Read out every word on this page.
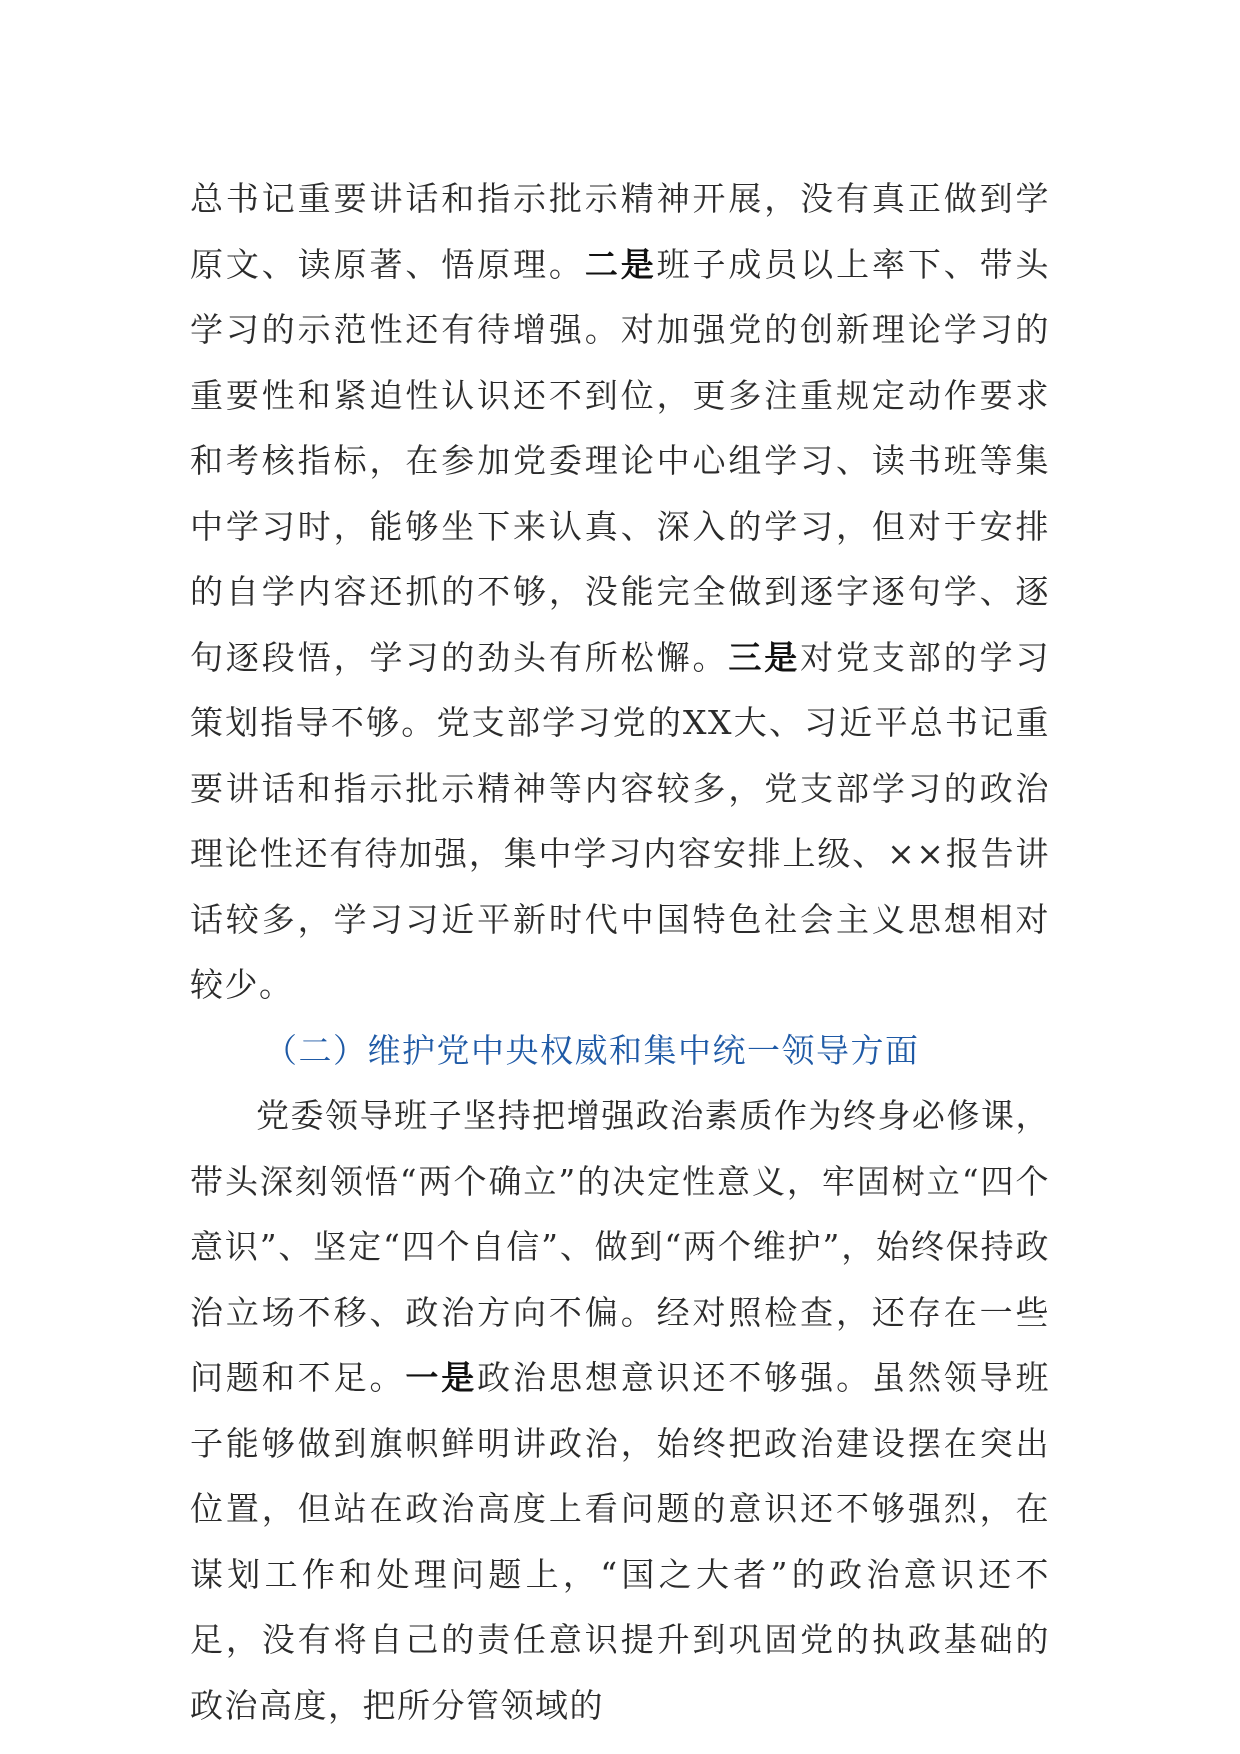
总书记重要讲话和指示批示精神开展，没有真正做到学原文、读原著、悟原理。二是班子成员以上率下、带头学习的示范性还有待增强。对加强党的创新理论学习的重要性和紧迫性认识还不到位，更多注重规定动作要求和考核指标，在参加党委理论中心组学习、读书班等集中学习时，能够坐下来认真、深入的学习，但对于安排的自学内容还抓的不够，没能完全做到逐字逐句学、逐句逐段悟，学习的劲头有所松懈。三是对党支部的学习策划指导不够。党支部学习党的XX大、习近平总书记重要讲话和指示批示精神等内容较多，党支部学习的政治理论性还有待加强，集中学习内容安排上级、××报告讲话较多，学习习近平新时代中国特色社会主义思想相对较少。

（二）维护党中央权威和集中统一领导方面

党委领导班子坚持把增强政治素质作为终身必修课，带头深刻领悟“两个确立”的决定性意义，牢固树立“四个意识”、坚定“四个自信”、做到“两个维护”，始终保持政治立场不移、政治方向不偏。经对照检查，还存在一些问题和不足。一是政治思想意识还不够强。虽然领导班子能够做到旗帜鲜明讲政治，始终把政治建设摆在突出位置，但站在政治高度上看问题的意识还不够强烈，在谋划工作和处理问题上，“国之大者”的政治意识还不足，没有将自己的责任意识提升到巩固党的执政基础的政治高度，把所分管领域的
